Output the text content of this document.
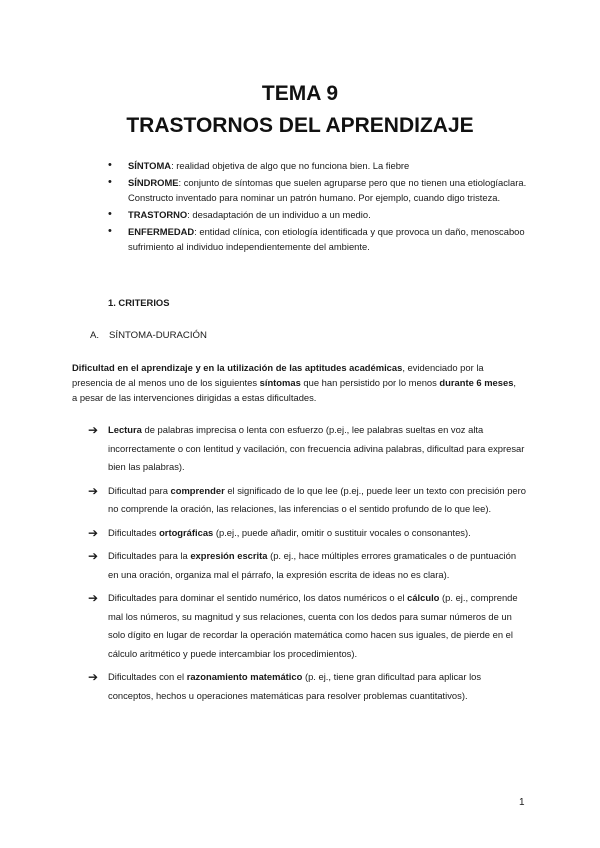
TEMA 9
TRASTORNOS DEL APRENDIZAJE
• SÍNTOMA: realidad objetiva de algo que no funciona bien. La fiebre
• SÍNDROME: conjunto de síntomas que suelen agruparse pero que no tienen una etiologíaclara. Constructo inventado para nominar un patrón humano. Por ejemplo, cuando digo tristeza.
• TRASTORNO: desadaptación de un individuo a un medio.
• ENFERMEDAD: entidad clínica, con etiología identificada y que provoca un daño, menoscaboo sufrimiento al individuo independientemente del ambiente.
1. CRITERIOS
A. SÍNTOMA-DURACIÓN
Dificultad en el aprendizaje y en la utilización de las aptitudes académicas, evidenciado por la presencia de al menos uno de los siguientes síntomas que han persistido por lo menos durante 6 meses, a pesar de las intervenciones dirigidas a estas dificultades.
➔ Lectura de palabras imprecisa o lenta con esfuerzo (p.ej., lee palabras sueltas en voz alta incorrectamente o con lentitud y vacilación, con frecuencia adivina palabras, dificultad para expresar bien las palabras).
➔ Dificultad para comprender el significado de lo que lee (p.ej., puede leer un texto con precisión pero no comprende la oración, las relaciones, las inferencias o el sentido profundo de lo que lee).
➔ Dificultades ortográficas (p.ej., puede añadir, omitir o sustituir vocales o consonantes).
➔ Dificultades para la expresión escrita (p. ej., hace múltiples errores gramaticales o de puntuación en una oración, organiza mal el párrafo, la expresión escrita de ideas no es clara).
➔ Dificultades para dominar el sentido numérico, los datos numéricos o el cálculo (p. ej., comprende mal los números, su magnitud y sus relaciones, cuenta con los dedos para sumar números de un solo dígito en lugar de recordar la operación matemática como hacen sus iguales, de pierde en el cálculo aritmético y puede intercambiar los procedimientos).
➔ Dificultades con el razonamiento matemático (p. ej., tiene gran dificultad para aplicar los conceptos, hechos u operaciones matemáticas para resolver problemas cuantitativos).
1
